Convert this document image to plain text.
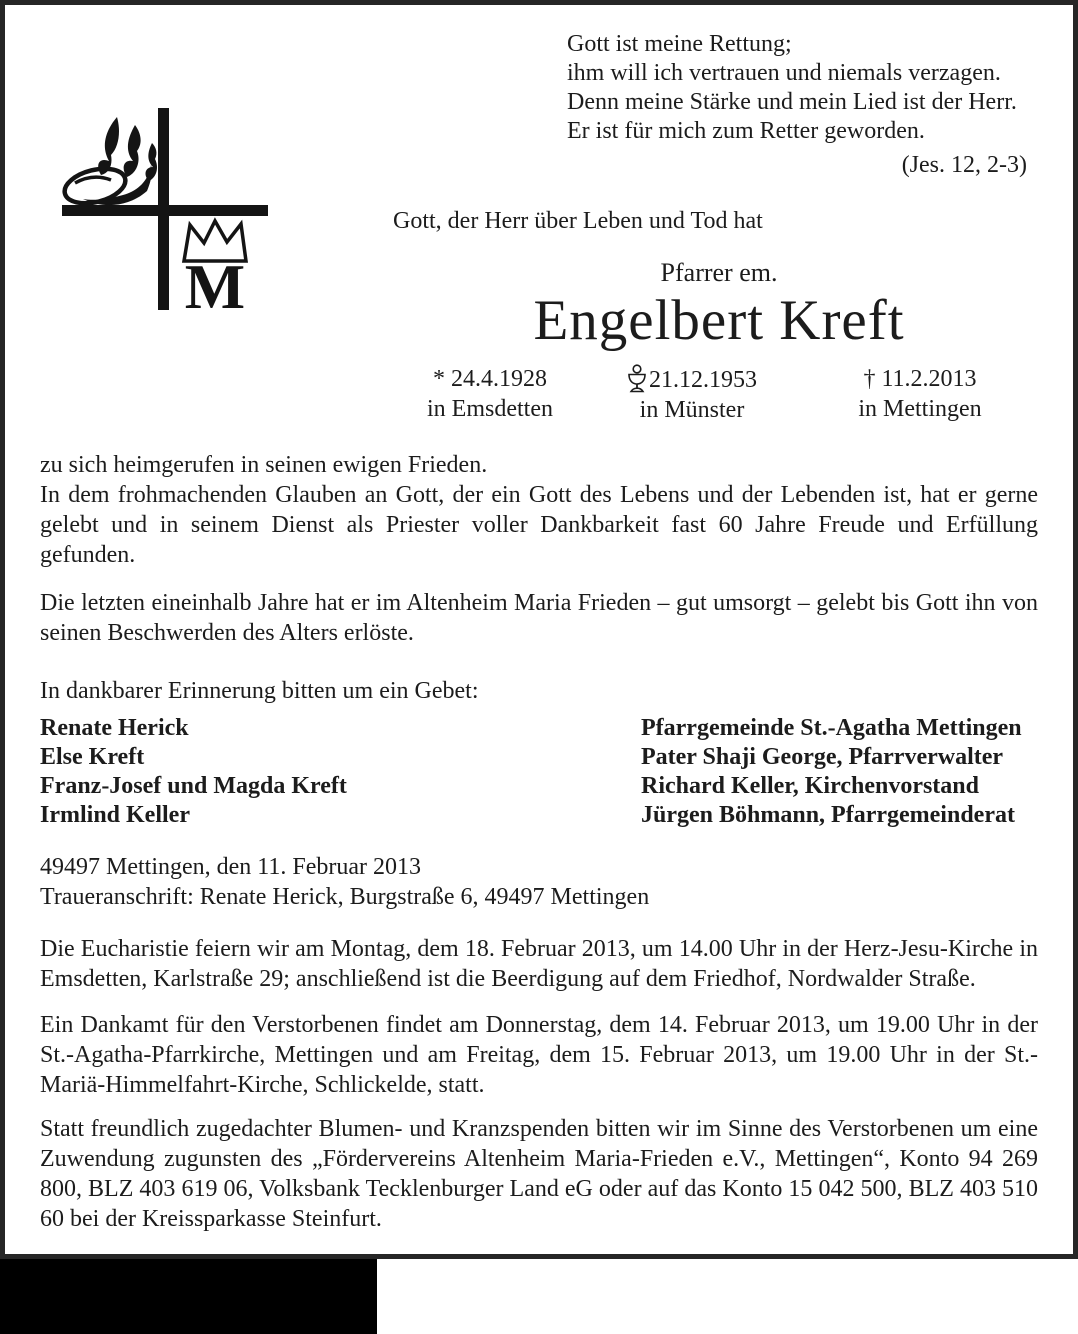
M
Gott ist meine Rettung;
ihm will ich vertrauen und niemals verzagen.
Denn meine Stärke und mein Lied ist der Herr.
Er ist für mich zum Retter geworden.
(Jes. 12, 2-3)
Gott, der Herr über Leben und Tod hat
Pfarrer em.
Engelbert Kreft
* 24.4.1928
in Emsdetten
21.12.1953
in Münster
† 11.2.2013
in Mettingen
zu sich heimgerufen in seinen ewigen Frieden.
In dem frohmachenden Glauben an Gott, der ein Gott des Lebens und der Lebenden ist, hat er gerne gelebt und in seinem Dienst als Priester voller Dankbarkeit fast 60 Jahre Freude und Erfüllung gefunden.
Die letzten eineinhalb Jahre hat er im Altenheim Maria Frieden – gut umsorgt – gelebt bis Gott ihn von seinen Beschwerden des Alters erlöste.
In dankbarer Erinnerung bitten um ein Gebet:
Renate Herick
Else Kreft
Franz-Josef und Magda Kreft
Irmlind Keller
Pfarrgemeinde St.-Agatha Mettingen
Pater Shaji George, Pfarrverwalter
Richard Keller, Kirchenvorstand
Jürgen Böhmann, Pfarrgemeinderat
49497 Mettingen, den 11. Februar 2013
Traueranschrift: Renate Herick, Burgstraße 6, 49497 Mettingen
Die Eucharistie feiern wir am Montag, dem 18. Februar 2013, um 14.00 Uhr in der Herz-Jesu-Kirche in Emsdetten, Karlstraße 29; anschließend ist die Beerdigung auf dem Friedhof, Nordwalder Straße.
Ein Dankamt für den Verstorbenen findet am Donnerstag, dem 14. Februar 2013, um 19.00 Uhr in der St.-Agatha-Pfarrkirche, Mettingen und am Freitag, dem 15. Februar 2013, um 19.00 Uhr in der St.-Mariä-Himmelfahrt-Kirche, Schlickelde, statt.
Statt freundlich zugedachter Blumen- und Kranzspenden bitten wir im Sinne des Verstorbenen um eine Zuwendung zugunsten des „Fördervereins Altenheim Maria-Frieden e.V., Mettingen“, Konto 94 269 800, BLZ 403 619 06, Volksbank Tecklenburger Land eG oder auf das Konto 15 042 500, BLZ 403 510 60 bei der Kreissparkasse Steinfurt.
